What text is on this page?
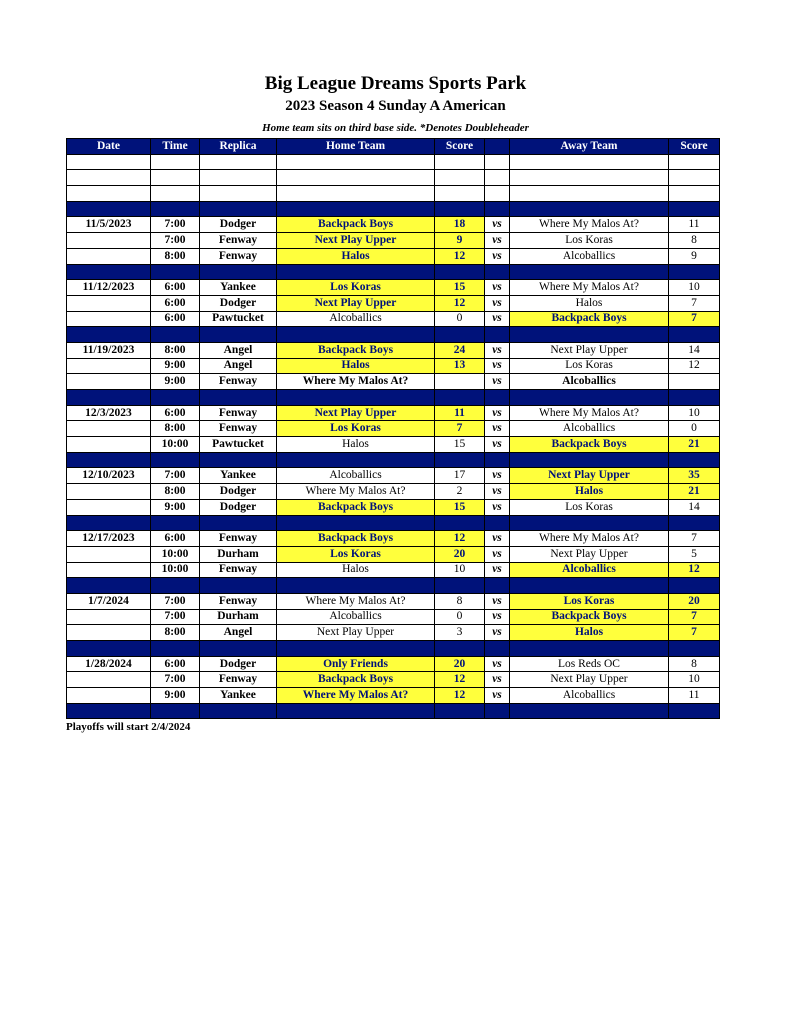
Big League Dreams Sports Park
2023 Season 4 Sunday A American
Home team sits on third base side. *Denotes Doubleheader
Date	Time	Replica	Home Team	Score		Away Team	Score

11/5/2023	7:00	Dodger	Backpack Boys	18	vs	Where My Malos At?	11
	7:00	Fenway	Next Play Upper	9	vs	Los Koras	8
	8:00	Fenway	Halos	12	vs	Alcoballics	9

11/12/2023	6:00	Yankee	Los Koras	15	vs	Where My Malos At?	10
	6:00	Dodger	Next Play Upper	12	vs	Halos	7
	6:00	Pawtucket	Alcoballics	0	vs	Backpack Boys	7

11/19/2023	8:00	Angel	Backpack Boys	24	vs	Next Play Upper	14
	9:00	Angel	Halos	13	vs	Los Koras	12
	9:00	Fenway	Where My Malos At?		vs	Alcoballics	

12/3/2023	6:00	Fenway	Next Play Upper	11	vs	Where My Malos At?	10
	8:00	Fenway	Los Koras	7	vs	Alcoballics	0
	10:00	Pawtucket	Halos	15	vs	Backpack Boys	21

12/10/2023	7:00	Yankee	Alcoballics	17	vs	Next Play Upper	35
	8:00	Dodger	Where My Malos At?	2	vs	Halos	21
	9:00	Dodger	Backpack Boys	15	vs	Los Koras	14

12/17/2023	6:00	Fenway	Backpack Boys	12	vs	Where My Malos At?	7
	10:00	Durham	Los Koras	20	vs	Next Play Upper	5
	10:00	Fenway	Halos	10	vs	Alcoballics	12

1/7/2024	7:00	Fenway	Where My Malos At?	8	vs	Los Koras	20
	7:00	Durham	Alcoballics	0	vs	Backpack Boys	7
	8:00	Angel	Next Play Upper	3	vs	Halos	7

1/28/2024	6:00	Dodger	Only Friends	20	vs	Los Reds OC	8
	7:00	Fenway	Backpack Boys	12	vs	Next Play Upper	10
	9:00	Yankee	Where My Malos At?	12	vs	Alcoballics	11

Playoffs will start 2/4/2024
